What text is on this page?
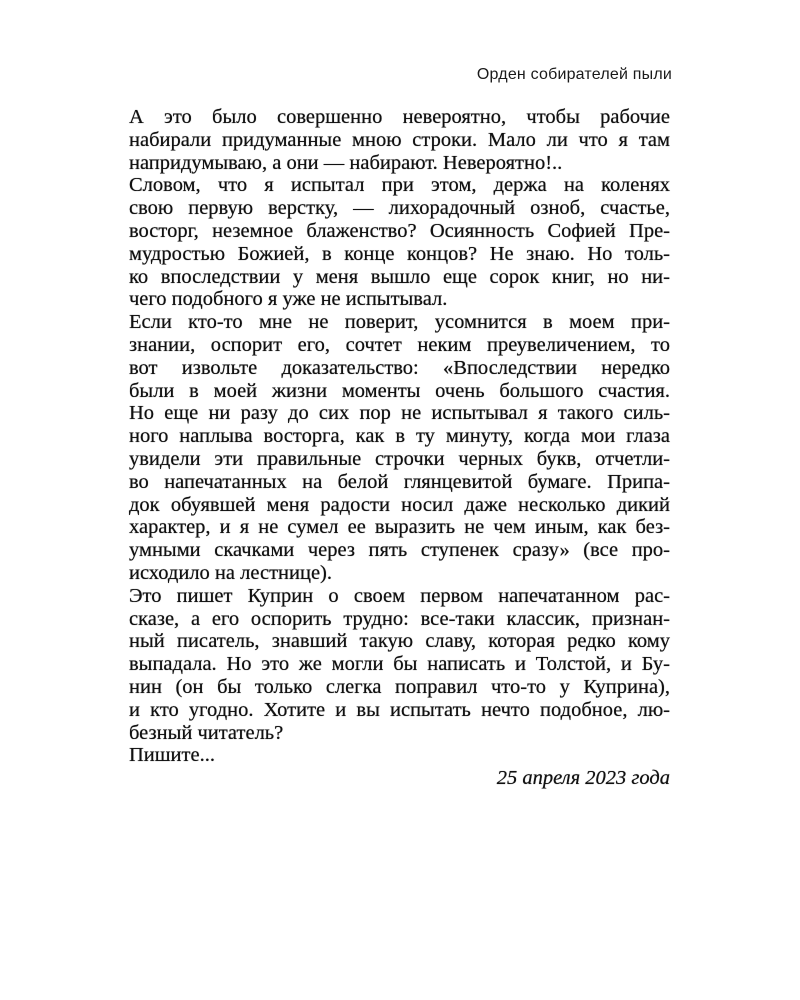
Орден собирателей пыли
А это было совершенно невероятно, чтобы рабочие
набирали придуманные мною строки. Мало ли что я там
напридумываю, а они — набирают. Невероятно!..
Словом, что я испытал при этом, держа на коленях
свою первую верстку, — лихорадочный озноб, счастье,
восторг, неземное блаженство? Осиянность Софией Пре-
мудростью Божией, в конце концов? Не знаю. Но толь-
ко впоследствии у меня вышло еще сорок книг, но ни-
чего подобного я уже не испытывал.
Если кто-то мне не поверит, усомнится в моем при-
знании, оспорит его, сочтет неким преувеличением, то
вот извольте доказательство: «Впоследствии нередко
были в моей жизни моменты очень большого счастия.
Но еще ни разу до сих пор не испытывал я такого силь-
ного наплыва восторга, как в ту минуту, когда мои глаза
увидели эти правильные строчки черных букв, отчетли-
во напечатанных на белой глянцевитой бумаге. Припа-
док обуявшей меня радости носил даже несколько дикий
характер, и я не сумел ее выразить не чем иным, как без-
умными скачками через пять ступенек сразу» (все про-
исходило на лестнице).
Это пишет Куприн о своем первом напечатанном рас-
сказе, а его оспорить трудно: все-таки классик, признан-
ный писатель, знавший такую славу, которая редко кому
выпадала. Но это же могли бы написать и Толстой, и Бу-
нин (он бы только слегка поправил что-то у Куприна),
и кто угодно. Хотите и вы испытать нечто подобное, лю-
безный читатель?
Пишите...
25 апреля 2023 года
